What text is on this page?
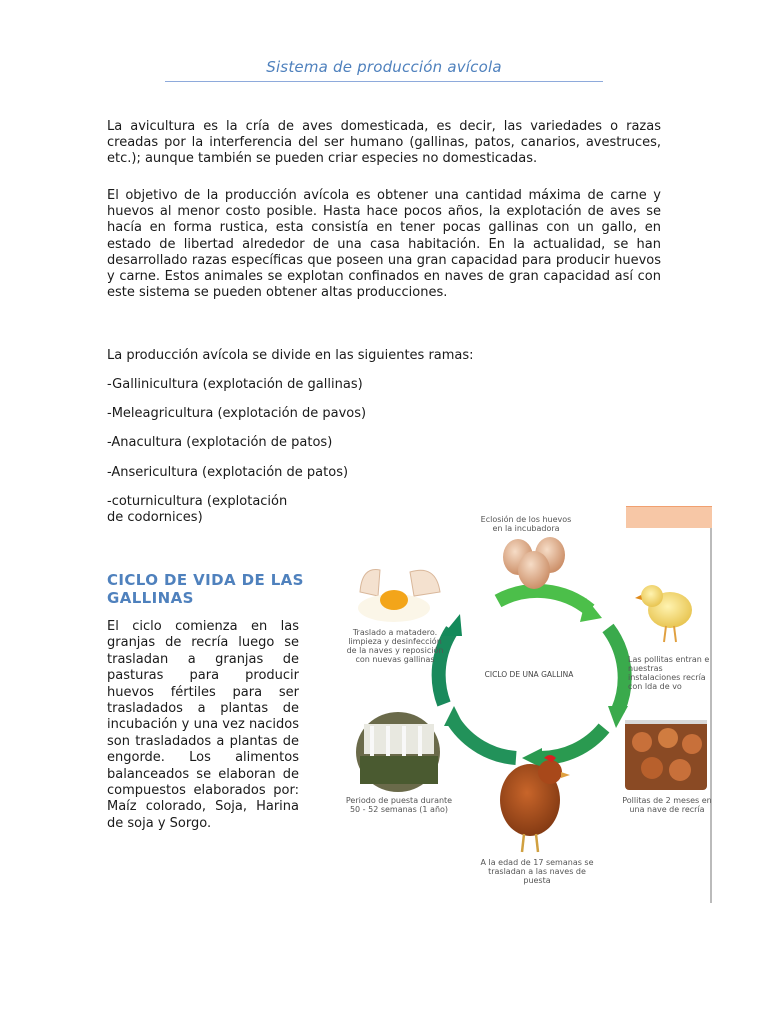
Sistema de producción avícola

La avicultura es la cría de aves domesticada, es decir, las variedades o razas creadas por la interferencia del ser humano (gallinas, patos, canarios, avestruces, etc.); aunque también se pueden criar especies no domesticadas.

El objetivo de la producción avícola es obtener una cantidad máxima de carne y huevos al menor costo posible. Hasta hace pocos años, la explotación de aves se hacía en forma rustica, esta consistía en tener pocas gallinas con un gallo, en estado de libertad alrededor de una casa habitación. En la actualidad, se han desarrollado razas específicas que poseen una gran capacidad para producir huevos y carne. Estos animales se explotan confinados en naves de gran capacidad así con este sistema se pueden obtener altas producciones.

La producción avícola se divide en las siguientes ramas:
-Gallinicultura (explotación de gallinas)
-Meleagricultura (explotación de pavos)
-Anacultura (explotación de patos)
-Ansericultura (explotación de patos)
-coturnicultura (explotación de codornices)
CICLO DE VIDA DE LAS GALLINAS

El ciclo comienza en las granjas de recría luego se trasladan a granjas de pasturas para producir huevos fértiles para ser trasladados a plantas de incubación y una vez nacidos son trasladados a plantas de engorde. Los alimentos balanceados se elaboran de compuestos elaborados por: Maíz colorado, Soja, Harina de soja y Sorgo.

Eclosión de los huevos en la incubadora
Las pollitas entran e nuestras instalaciones recría con lda de vo
Pollitas de 2 meses en una nave de recría
A la edad de 17 semanas se trasladan a las naves de puesta
Periodo de puesta durante 50 - 52 semanas (1 año)
Traslado a matadero. limpieza y desinfección de la naves y reposición con nuevas gallinas
CICLO DE UNA GALLINA
